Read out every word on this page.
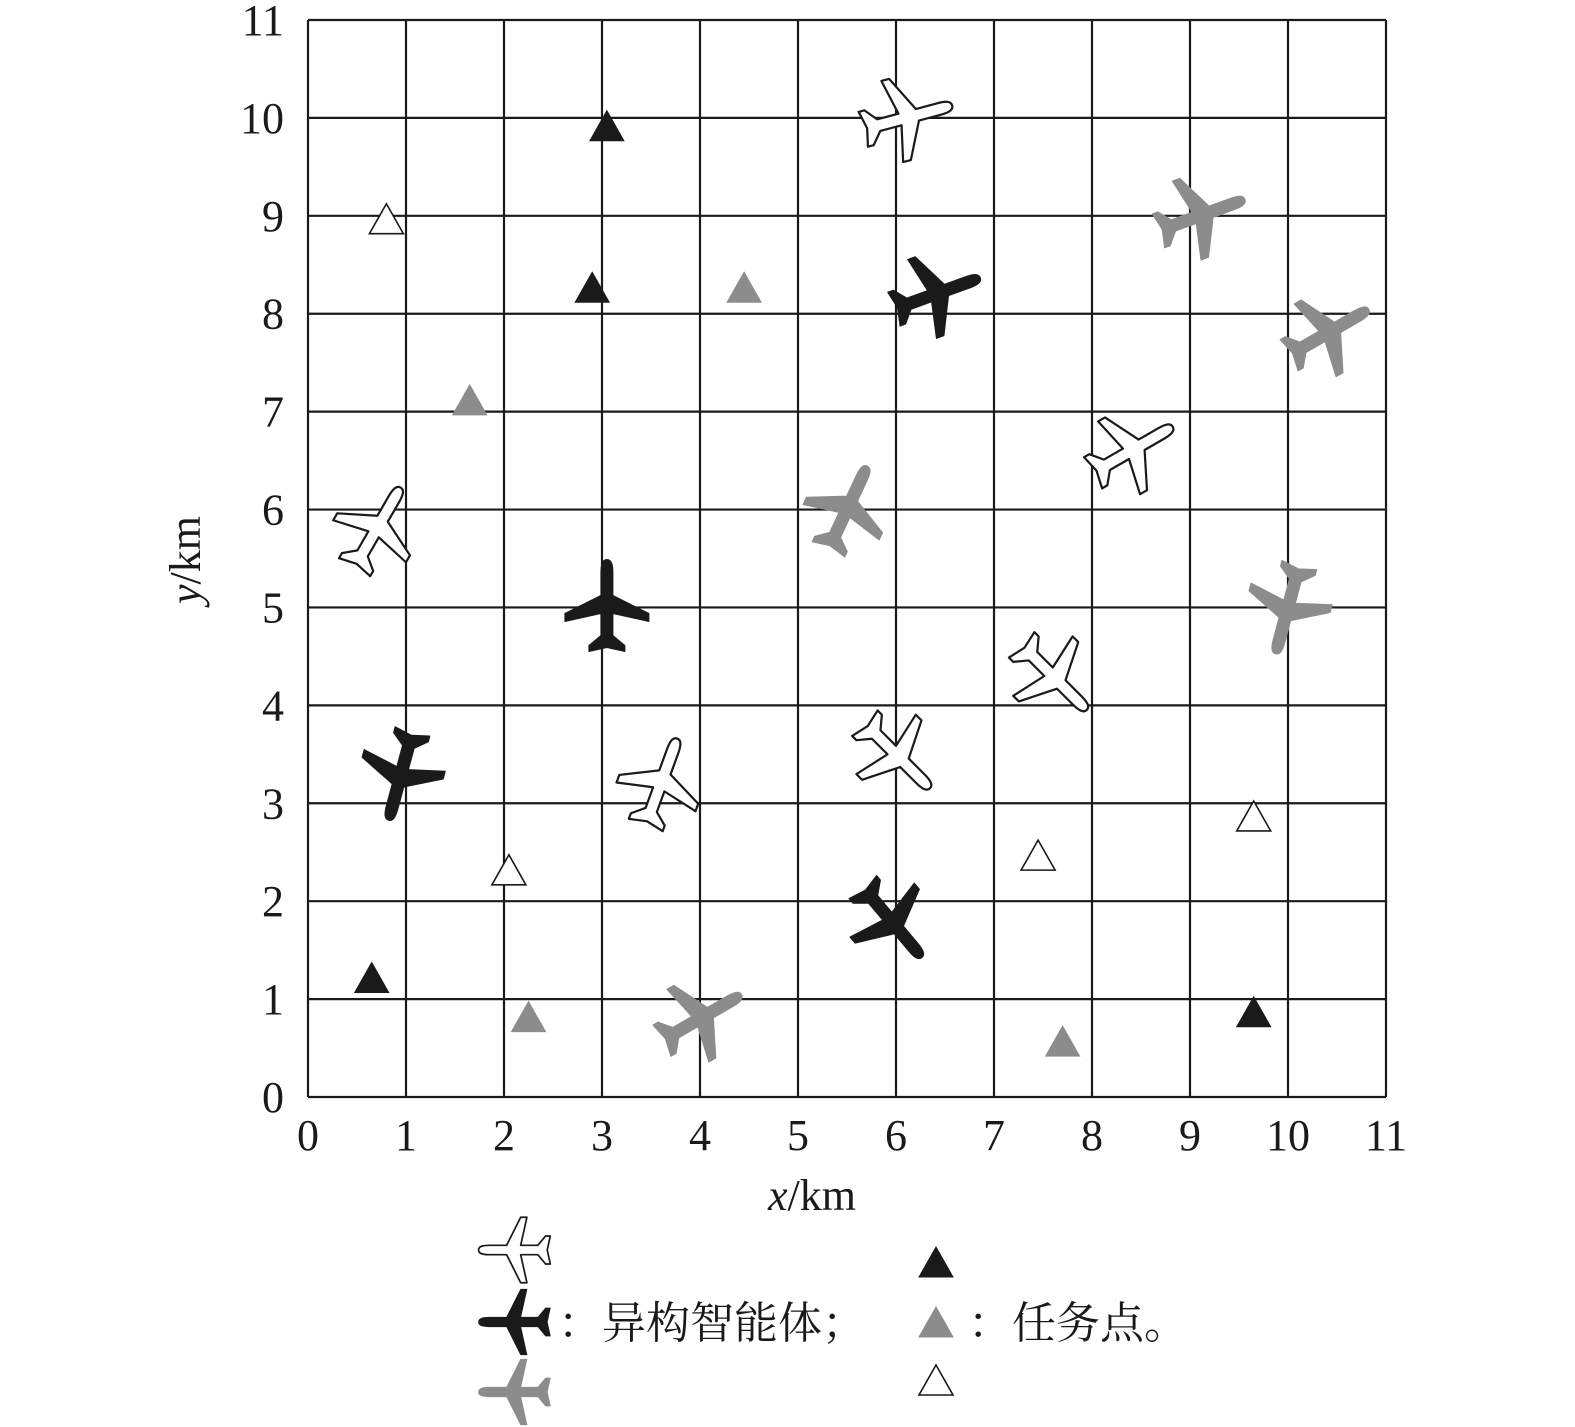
0 1 2 3 4 5 6 7 8 9 10 11
0
1
2
3
4
5
6
7
8
9
10
11
x/km
y/km
：异构智能体； ：任务点。
